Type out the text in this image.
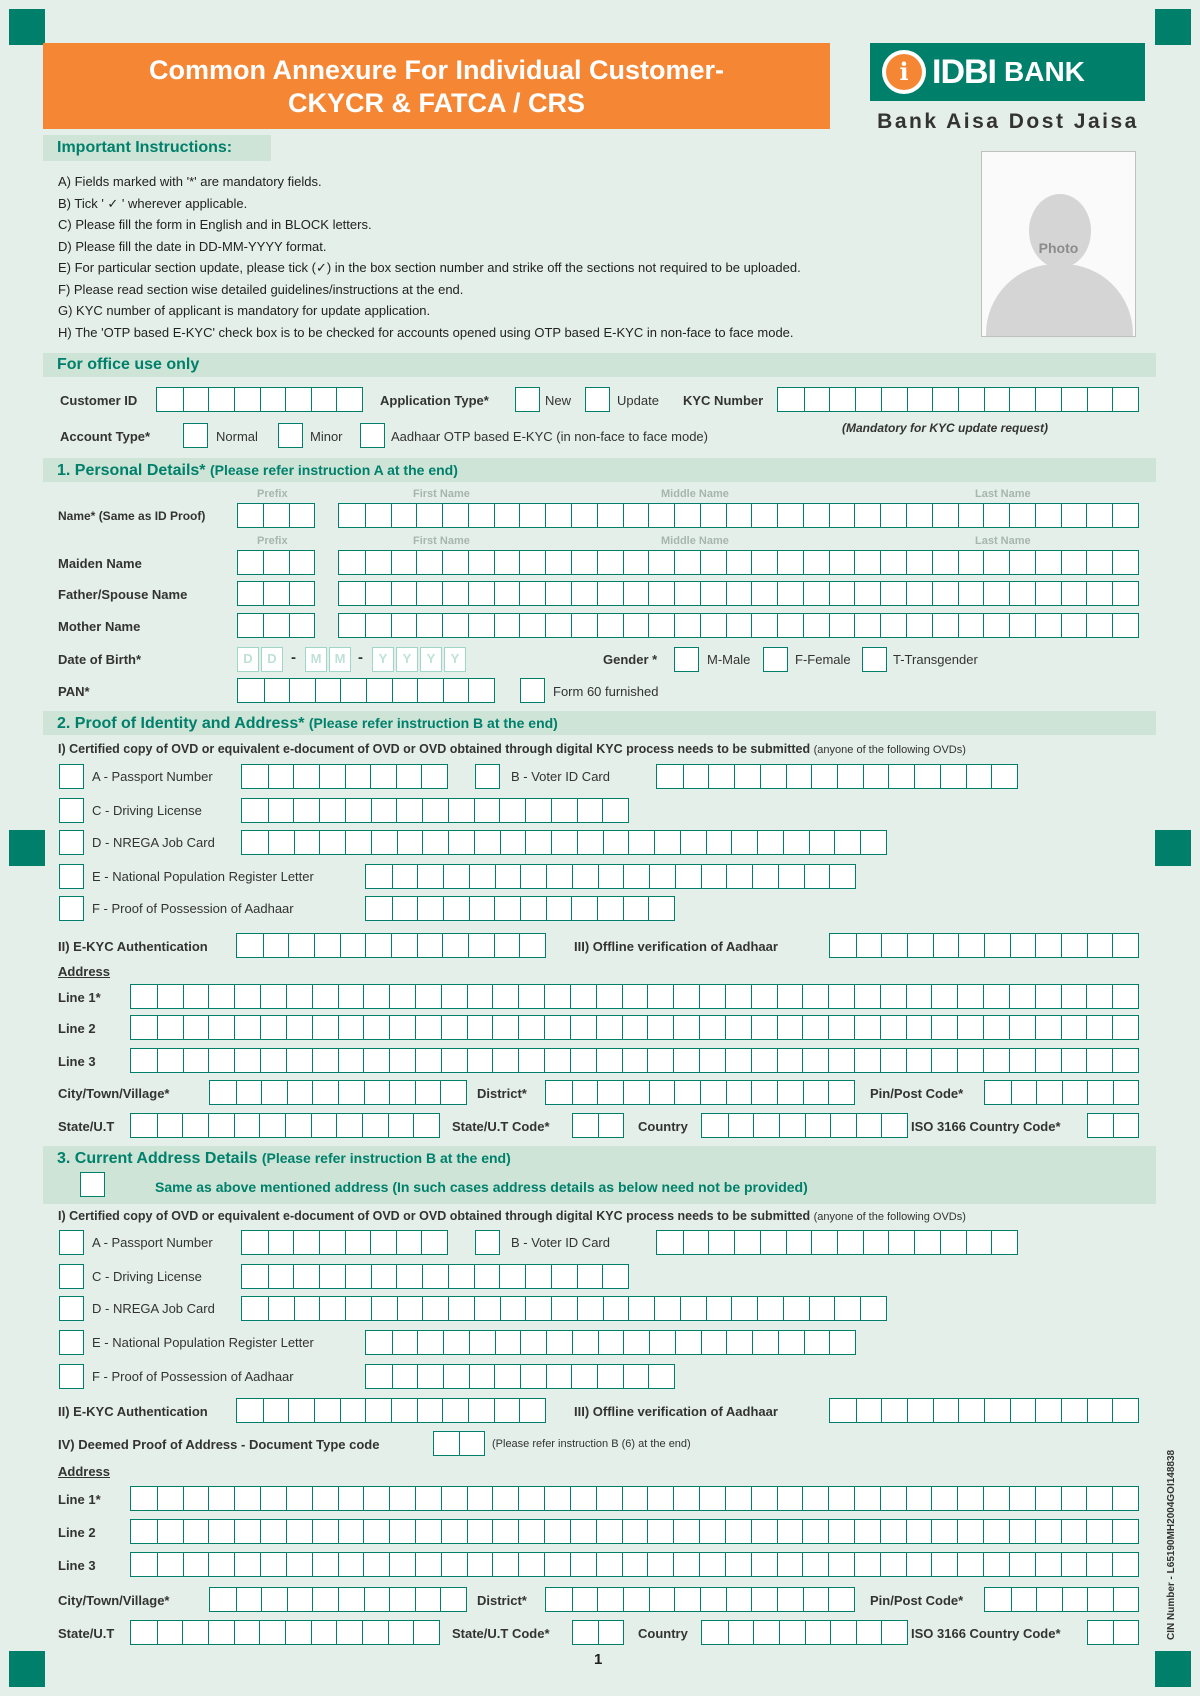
Common Annexure For Individual Customer-
CKYCR & FATCA / CRS
i IDBI BANK
Bank Aisa Dost Jaisa
Photo
Important Instructions:
A) Fields marked with '*' are mandatory fields.
B) Tick ' ✓ ' wherever applicable.
C) Please fill the form in English and in BLOCK letters.
D) Please fill the date in DD-MM-YYYY format.
E) For particular section update, please tick (✓) in the box section number and strike off the sections not required to be uploaded.
F) Please read section wise detailed guidelines/instructions at the end.
G) KYC number of applicant is mandatory for update application.
H) The 'OTP based E-KYC' check box is to be checked for accounts opened using OTP based E-KYC in non-face to face mode.
For office use only
Customer ID	Application Type*	New	Update KYC Number
(Mandatory for KYC update request)
Account Type*	Normal	Minor	Aadhaar OTP based E-KYC (in non-face to face mode)
1. Personal Details* (Please refer instruction A at the end)
Prefix	First Name	Middle Name	Last Name
Name* (Same as ID Proof)
Prefix	First Name	Middle Name	Last Name
Maiden Name
Father/Spouse Name
Mother Name
Date of Birth*	D	D -	M	M -	Y	Y	Y	Y	Gender *	M-Male	F-Female	T-Transgender
PAN*	Form 60 furnished
2. Proof of Identity and Address* (Please refer instruction B at the end)
I) Certified copy of OVD or equivalent e-document of OVD or OVD obtained through digital KYC process needs to be submitted (anyone of the following OVDs)
A - Passport Number	B - Voter ID Card
C - Driving License
D - NREGA Job Card
E - National Population Register Letter
F - Proof of Possession of Aadhaar
II) E-KYC Authentication	III) Offline verification of Aadhaar
Address
Line 1*
Line 2
Line 3
City/Town/Village*	District*	Pin/Post Code*
State/U.T	State/U.T Code*	Country	ISO 3166 Country Code*
3. Current Address Details (Please refer instruction B at the end)
Same as above mentioned address (In such cases address details as below need not be provided)
I) Certified copy of OVD or equivalent e-document of OVD or OVD obtained through digital KYC process needs to be submitted (anyone of the following OVDs)
A - Passport Number	B - Voter ID Card
C - Driving License
D - NREGA Job Card
E - National Population Register Letter
F - Proof of Possession of Aadhaar
II) E-KYC Authentication	III) Offline verification of Aadhaar
IV) Deemed Proof of Address - Document Type code	(Please refer instruction B (6) at the end)
Address
Line 1*
Line 2
Line 3
City/Town/Village*	District*	Pin/Post Code*
State/U.T	State/U.T Code*	Country	ISO 3166 Country Code*
1
CIN Number - L65190MH2004GOI148838
